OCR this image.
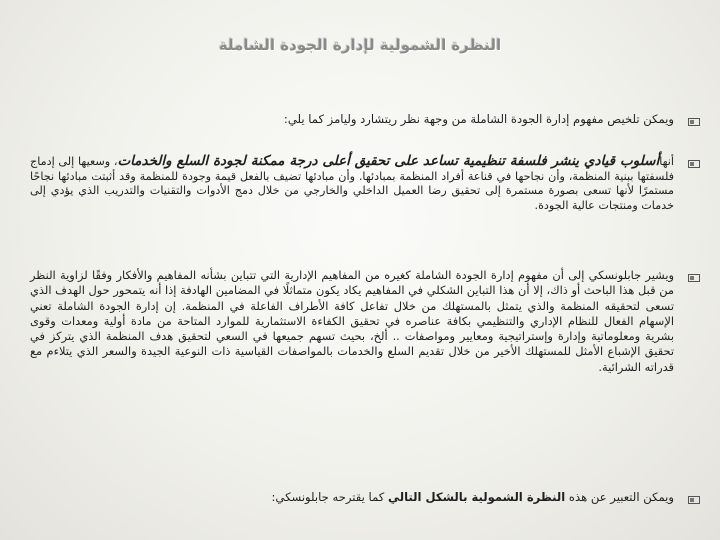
النظرة الشمولية لإدارة الجودة الشاملة
ويمكن تلخيص مفهوم إدارة الجودة الشاملة من وجهة نظر ريتشارد وليامز كما يلي:
أنهاأسلوب قيادي ينشر فلسفة تنظيمية تساعد على تحقيق أعلى درجة ممكنة لجودة السلع والخدمات، وسعيها إلى إدماج فلسفتها ببنية المنظمة، وأن نجاحها في قناعة أفراد المنظمة بمبادئها. وأن مبادئها تضيف بالفعل قيمة وجودة للمنظمة وقد أثبتت مبادئها نجاحًا مستمرًا لأنها تسعى بصورة مستمرة إلى تحقيق رضا العميل الداخلي والخارجي من خلال دمج الأدوات والتقنيات والتدريب الذي يؤدي إلى خدمات ومنتجات عالية الجودة.
ويشير جابلونسكي إلى أن مفهوم إدارة الجودة الشاملة كغيره من المفاهيم الإدارية التي تتباين بشأنه المفاهيم والأفكار وفقًا لزاوية النظر من قبل هذا الباحث أو ذاك، إلا أن هذا التباين الشكلي في المفاهيم يكاد يكون متماثلًا في المضامين الهادفة إذا أنه يتمحور حول الهدف الذي تسعى لتحقيقه المنظمة والذي يتمثل بالمستهلك من خلال تفاعل كافة الأطراف الفاعلة في المنظمة. إن إدارة الجودة الشاملة تعني الإسهام الفعال للنظام الإداري والتنظيمي بكافة عناصره في تحقيق الكفاءة الاستثمارية للموارد المتاحة من مادة أولية ومعدات وقوى بشرية ومعلوماتية وإدارة وإستراتيجية ومعايير ومواصفات .. ألخ، بحيث تسهم جميعها في السعي لتحقيق هدف المنظمة الذي يتركز في تحقيق الإشباع الأمثل للمستهلك الأخير من خلال تقديم السلع والخدمات بالمواصفات القياسية ذات النوعية الجيدة والسعر الذي يتلاءم مع قدراته الشرائية.
ويمكن التعبير عن هذه النظرة الشمولية بالشكل التالي كما يقترحه جابلونسكي:
